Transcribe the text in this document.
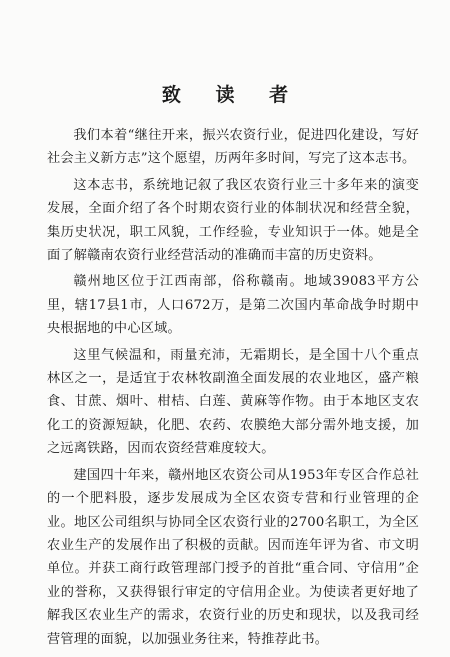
致 读 者

我们本着“继往开来，振兴农资行业，促进四化建设，写好社会主义新方志”这个愿望，历两年多时间，写完了这本志书。

这本志书，系统地记叙了我区农资行业三十多年来的演变发展，全面介绍了各个时期农资行业的体制状况和经营全貌，集历史状况，职工风貌，工作经验，专业知识于一体。她是全面了解赣南农资行业经营活动的准确而丰富的历史资料。

赣州地区位于江西南部，俗称赣南。地域39083平方公里，辖17县1市，人口672万，是第二次国内革命战争时期中央根据地的中心区域。

这里气候温和，雨量充沛，无霜期长，是全国十八个重点林区之一，是适宜于农林牧副渔全面发展的农业地区，盛产粮食、甘蔗、烟叶、柑桔、白莲、黄麻等作物。由于本地区支农化工的资源短缺，化肥、农药、农膜绝大部分需外地支援，加之远离铁路，因而农资经营难度较大。

建国四十年来，赣州地区农资公司从1953年专区合作总社的一个肥料股，逐步发展成为全区农资专营和行业管理的企业。地区公司组织与协同全区农资行业的2700名职工，为全区农业生产的发展作出了积极的贡献。因而连年评为省、市文明单位。并获工商行政管理部门授予的首批“重合同、守信用”企业的誉称，又获得银行审定的守信用企业。为使读者更好地了解我区农业生产的需求，农资行业的历史和现状，以及我司经营管理的面貌，以加强业务往来，特推荐此书。
